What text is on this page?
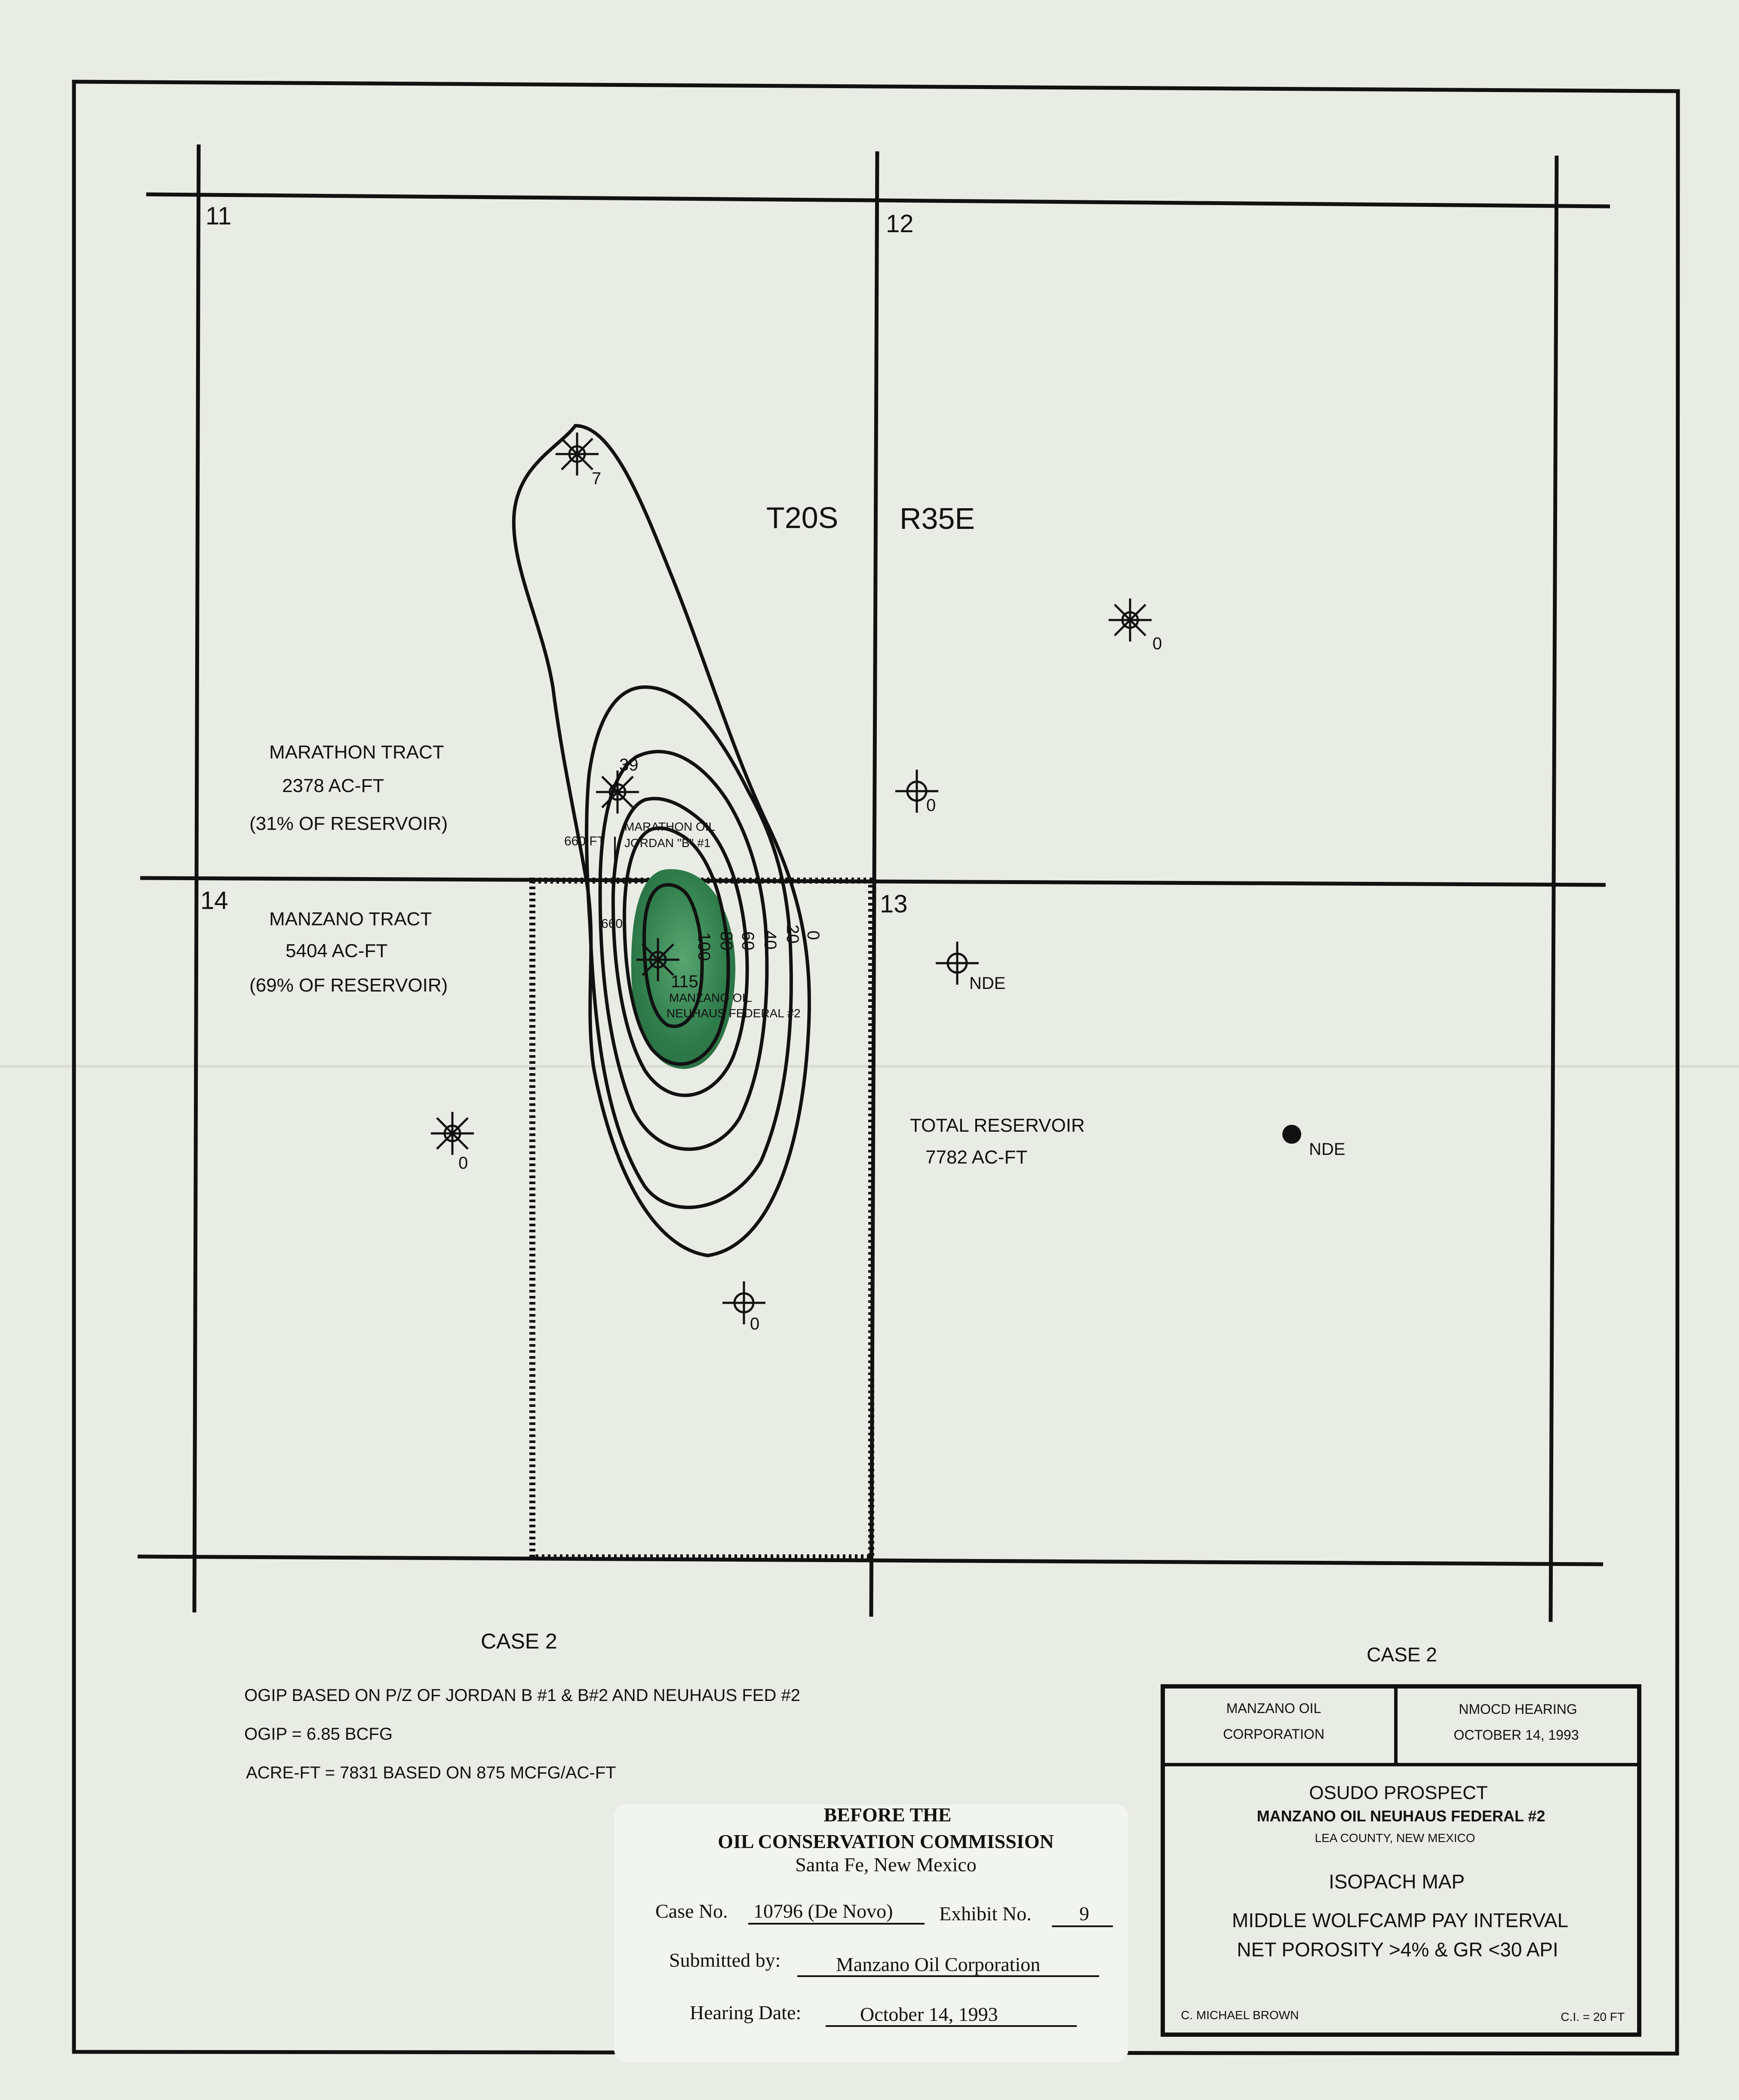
11	12
14	13
T20S R35E
0
20
40
60
80
100
7
39
MARATHON OIL
JORDAN "B" #1
660 FT
115
MANZANO OIL
NEUHAUS FEDERAL #2
660
0
0
NDE
0
0
NDE
MARATHON TRACT
2378 AC-FT
(31% OF RESERVOIR)
MANZANO TRACT
5404 AC-FT
(69% OF RESERVOIR)
TOTAL RESERVOIR
7782 AC-FT
CASE 2
OGIP BASED ON P/Z OF JORDAN B #1 & B#2 AND NEUHAUS FED #2
OGIP = 6.85 BCFG
ACRE-FT = 7831 BASED ON 875 MCFG/AC-FT
BEFORE THE
OIL CONSERVATION COMMISSION
Santa Fe, New Mexico
Case No. 10796 (De Novo) Exhibit No. 9
Submitted by:	Manzano Oil Corporation
Hearing Date:	October 14, 1993
CASE 2
MANZANO OIL
CORPORATION
NMOCD HEARING
OCTOBER 14, 1993
OSUDO PROSPECT
MANZANO OIL NEUHAUS FEDERAL #2
LEA COUNTY, NEW MEXICO
ISOPACH MAP
MIDDLE WOLFCAMP PAY INTERVAL
NET POROSITY >4% & GR <30 API
C. MICHAEL BROWN	C.I. = 20 FT
